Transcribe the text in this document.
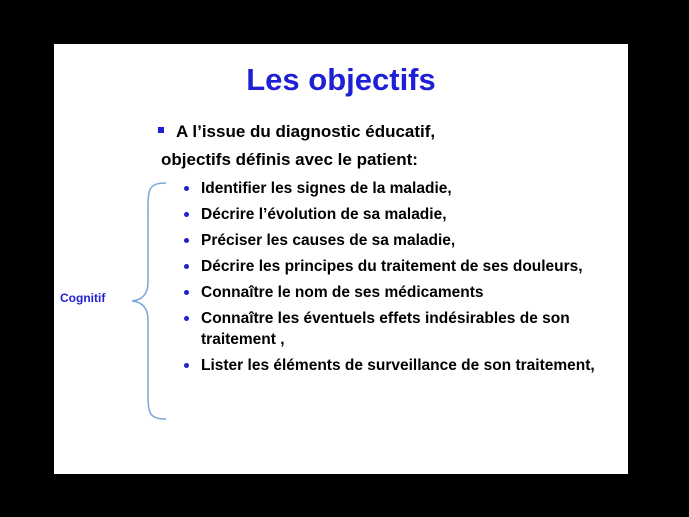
Les objectifs
A l’issue du diagnostic éducatif,
objectifs définis avec le patient:
Cognitif
Identifier les signes de la maladie,
Décrire l’évolution de sa maladie,
Préciser les causes de sa maladie,
Décrire les principes du traitement de ses douleurs,
Connaître le nom de ses médicaments
Connaître les éventuels effets indésirables de son traitement ,
Lister les éléments de surveillance de son traitement,
